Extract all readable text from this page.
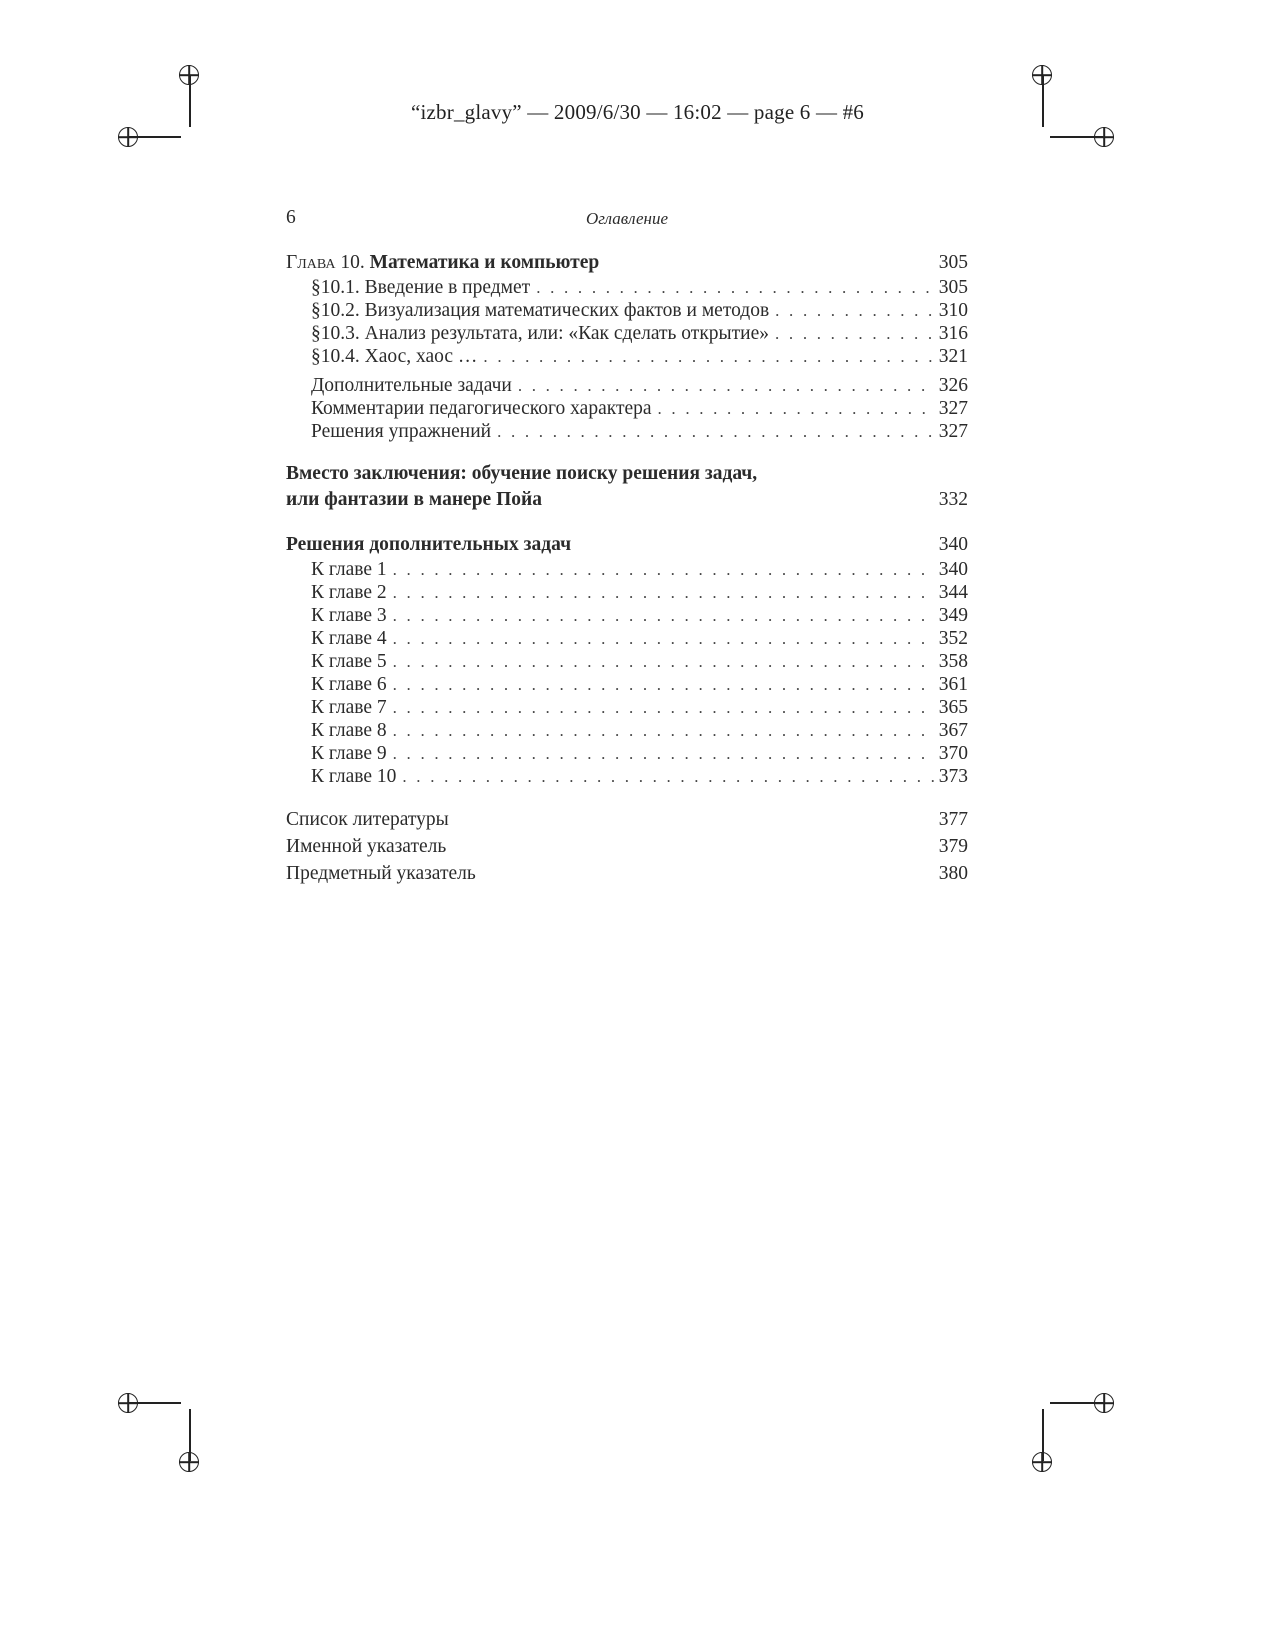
“izbr_glavy” — 2009/6/30 — 16:02 — page 6 — #6
6	Оглавление
Глава 10. Математика и компьютер	305
§10.1. Введение в предмет . . .	305
§10.2. Визуализация математических фактов и методов . . .	310
§10.3. Анализ результата, или: «Как сделать открытие» . . .	316
§10.4. Хаос, хаос … . . .	321
Дополнительные задачи . . .	326
Комментарии педагогического характера . . .	327
Решения упражнений . . .	327
Вместо заключения: обучение поиску решения задач,
или фантазии в манере Пойа	332
Решения дополнительных задач	340
К главе 1 . . .	340
К главе 2 . . .	344
К главе 3 . . .	349
К главе 4 . . .	352
К главе 5 . . .	358
К главе 6 . . .	361
К главе 7 . . .	365
К главе 8 . . .	367
К главе 9 . . .	370
К главе 10 . . .	373
Список литературы	377
Именной указатель	379
Предметный указатель	380
